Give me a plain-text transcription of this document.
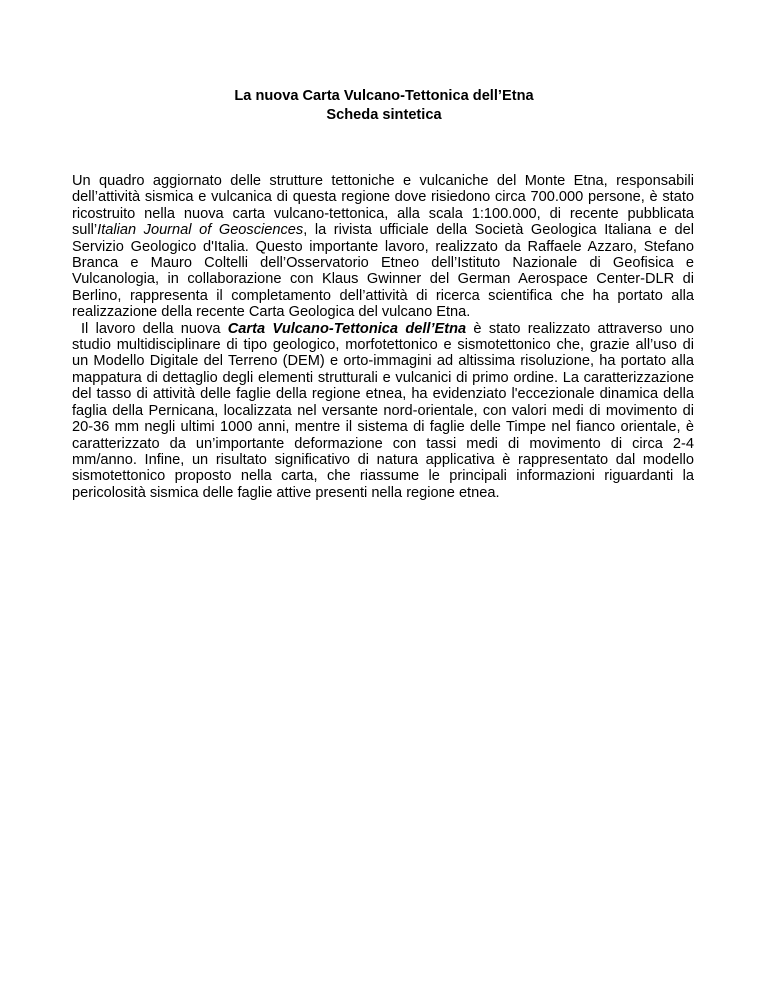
La nuova Carta Vulcano-Tettonica dell’Etna
Scheda sintetica

Un quadro aggiornato delle strutture tettoniche e vulcaniche del Monte Etna, responsabili dell’attività sismica e vulcanica di questa regione dove risiedono circa 700.000 persone, è stato ricostruito nella nuova carta vulcano-tettonica, alla scala 1:100.000, di recente pubblicata sull’Italian Journal of Geosciences, la rivista ufficiale della Società Geologica Italiana e del Servizio Geologico d'Italia. Questo importante lavoro, realizzato da Raffaele Azzaro, Stefano Branca e Mauro Coltelli dell’Osservatorio Etneo dell’Istituto Nazionale di Geofisica e Vulcanologia, in collaborazione con Klaus Gwinner del German Aerospace Center-DLR di Berlino, rappresenta il completamento dell’attività di ricerca scientifica che ha portato alla realizzazione della recente Carta Geologica del vulcano Etna.

Il lavoro della nuova Carta Vulcano-Tettonica dell’Etna è stato realizzato attraverso uno studio multidisciplinare di tipo geologico, morfotettonico e sismotettonico che, grazie all’uso di un Modello Digitale del Terreno (DEM) e orto-immagini ad altissima risoluzione, ha portato alla mappatura di dettaglio degli elementi strutturali e vulcanici di primo ordine. La caratterizzazione del tasso di attività delle faglie della regione etnea, ha evidenziato l'eccezionale dinamica della faglia della Pernicana, localizzata nel versante nord-orientale, con valori medi di movimento di 20-36 mm negli ultimi 1000 anni, mentre il sistema di faglie delle Timpe nel fianco orientale, è caratterizzato da un’importante deformazione con tassi medi di movimento di circa 2-4 mm/anno. Infine, un risultato significativo di natura applicativa è rappresentato dal modello sismotettonico proposto nella carta, che riassume le principali informazioni riguardanti la pericolosità sismica delle faglie attive presenti nella regione etnea.
